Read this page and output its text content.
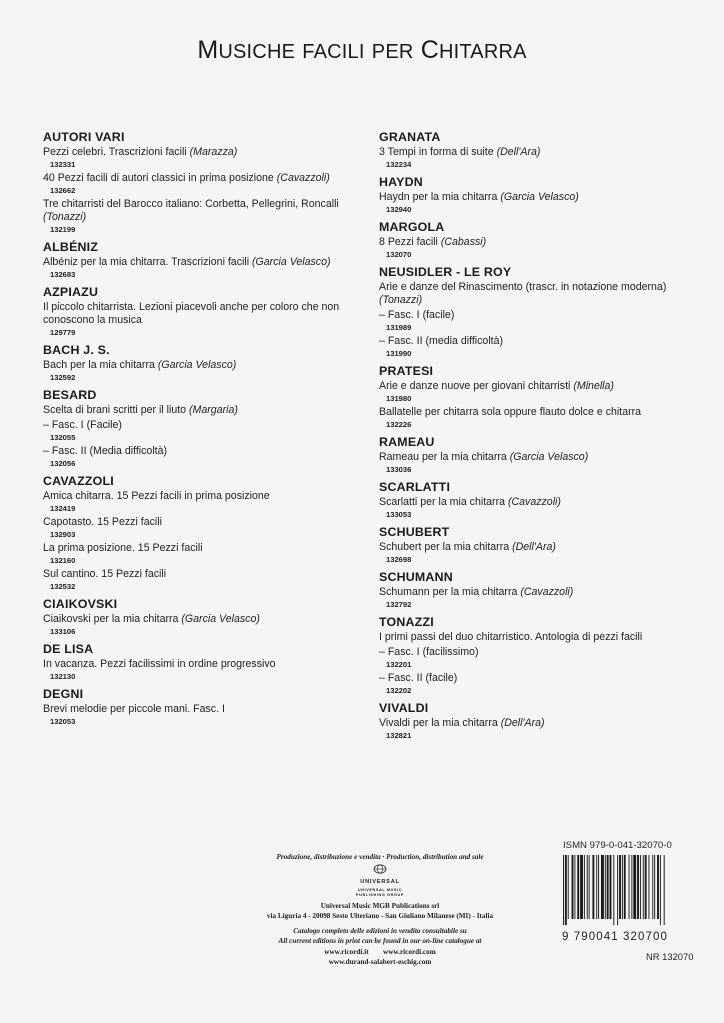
MUSICHE FACILI PER CHITARRA
AUTORI VARI
Pezzi celebri. Trascrizioni facili (Marazza)
132331
40 Pezzi facili di autori classici in prima posizione (Cavazzoli)
132662
Tre chitarristi del Barocco italiano: Corbetta, Pellegrini, Roncalli (Tonazzi)
132199
ALBÉNIZ
Albéniz per la mia chitarra. Trascrizioni facili (Garcia Velasco)
132683
AZPIAZU
Il piccolo chitarrista. Lezioni piacevoli anche per coloro che non conoscono la musica
129779
BACH J. S.
Bach per la mia chitarra (Garcia Velasco)
132592
BESARD
Scelta di brani scritti per il liuto (Margaria)
– Fasc. I (Facile)
132055
– Fasc. II (Media difficoltà)
132056
CAVAZZOLI
Amica chitarra. 15 Pezzi facili in prima posizione
132419
Capotasto. 15 Pezzi facili
132903
La prima posizione. 15 Pezzi facili
132160
Sul cantino. 15 Pezzi facili
132532
CIAIKOVSKI
Ciaikovski per la mia chitarra (Garcia Velasco)
133106
DE LISA
In vacanza. Pezzi facilissimi in ordine progressivo
132130
DEGNI
Brevi melodie per piccole mani. Fasc. I
132053
GRANATA
3 Tempi in forma di suite (Dell'Ara)
132234
HAYDN
Haydn per la mia chitarra (Garcia Velasco)
132940
MARGOLA
8 Pezzi facili (Cabassi)
132070
NEUSIDLER - LE ROY
Arie e danze del Rinascimento (trascr. in notazione moderna) (Tonazzi)
– Fasc. I (facile)
131989
– Fasc. II (media difficoltà)
131990
PRATESI
Arie e danze nuove per giovani chitarristi (Minella)
131980
Ballatelle per chitarra sola oppure flauto dolce e chitarra
132226
RAMEAU
Rameau per la mia chitarra (Garcia Velasco)
133036
SCARLATTI
Scarlatti per la mia chitarra (Cavazzoli)
133053
SCHUBERT
Schubert per la mia chitarra (Dell'Ara)
132698
SCHUMANN
Schumann per la mia chitarra (Cavazzoli)
132792
TONAZZI
I primi passi del duo chitarristico. Antologia di pezzi facili
– Fasc. I (facilissimo)
132201
– Fasc. II (facile)
132202
VIVALDI
Vivaldi per la mia chitarra (Dell'Ara)
132821
Produzione, distribuzione e vendita · Production, distribution and sale
UNIVERSAL
UNIVERSAL MUSIC
PUBLISHING GROUP
Universal Music MGB Publications srl
via Liguria 4 - 20098 Sesto Ulteriano - San Giuliano Milanese (MI) - Italia
Catalogo completo delle edizioni in vendita consultabile su
All current editions in print can be found in our on-line catalogue at
www.ricordi.it www.ricordi.com
www.durand-salabert-eschig.com
ISMN 979-0-041-32070-0
9 790041 320700
NR 132070
